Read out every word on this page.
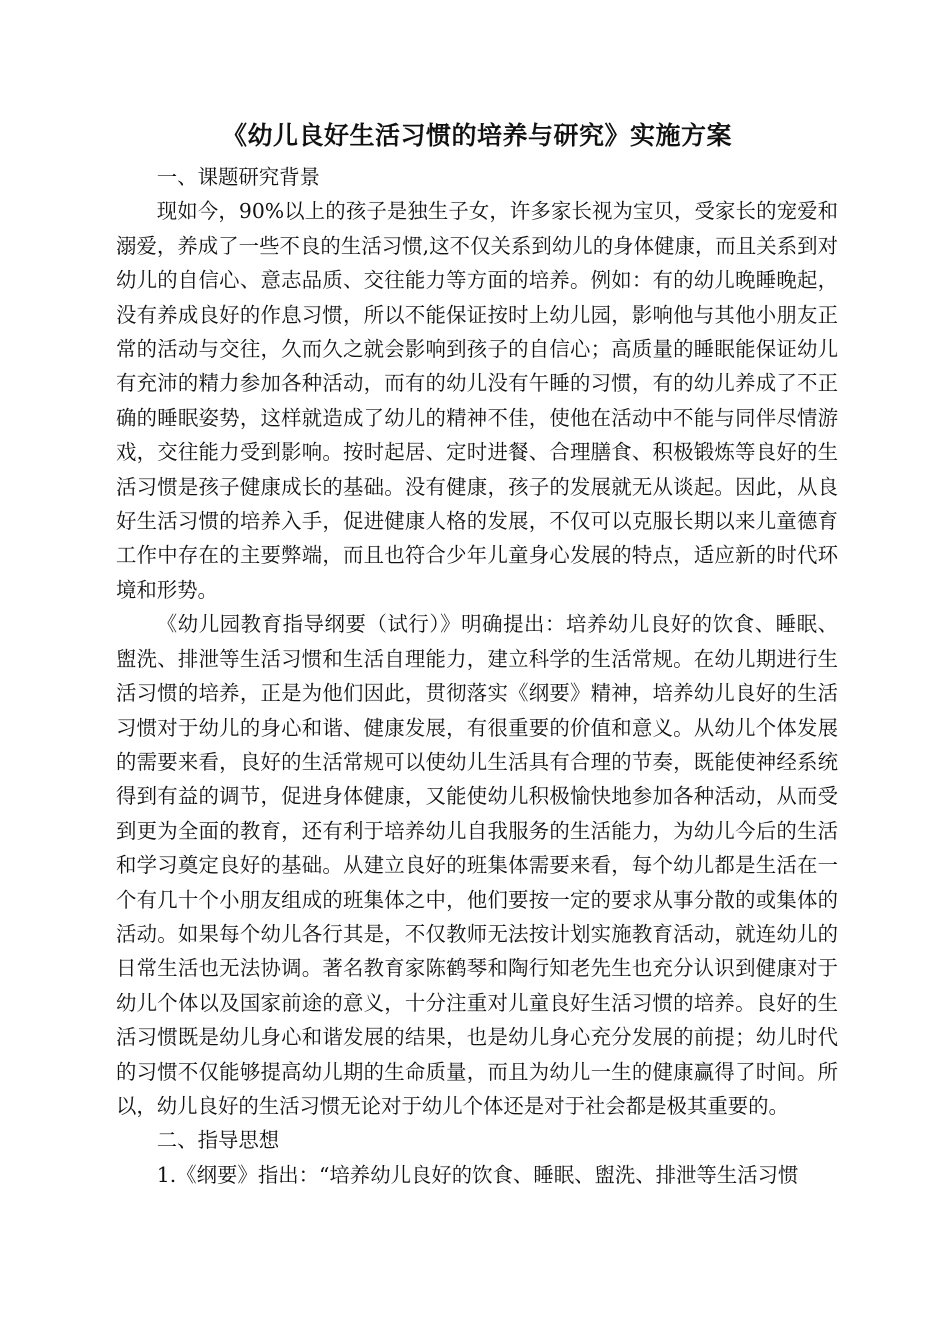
《幼儿良好生活习惯的培养与研究》实施方案

一、课题研究背景

现如今，90%以上的孩子是独生子女，许多家长视为宝贝，受家长的宠爱和溺爱，养成了一些不良的生活习惯,这不仅关系到幼儿的身体健康，而且关系到对幼儿的自信心、意志品质、交往能力等方面的培养。例如：有的幼儿晚睡晚起，没有养成良好的作息习惯，所以不能保证按时上幼儿园，影响他与其他小朋友正常的活动与交往，久而久之就会影响到孩子的自信心；高质量的睡眠能保证幼儿有充沛的精力参加各种活动，而有的幼儿没有午睡的习惯，有的幼儿养成了不正确的睡眠姿势，这样就造成了幼儿的精神不佳，使他在活动中不能与同伴尽情游戏，交往能力受到影响。按时起居、定时进餐、合理膳食、积极锻炼等良好的生活习惯是孩子健康成长的基础。没有健康，孩子的发展就无从谈起。因此，从良好生活习惯的培养入手，促进健康人格的发展，不仅可以克服长期以来儿童德育工作中存在的主要弊端，而且也符合少年儿童身心发展的特点，适应新的时代环境和形势。

《幼儿园教育指导纲要（试行）》明确提出：培养幼儿良好的饮食、睡眠、盥洗、排泄等生活习惯和生活自理能力，建立科学的生活常规。在幼儿期进行生活习惯的培养，正是为他们因此，贯彻落实《纲要》精神，培养幼儿良好的生活习惯对于幼儿的身心和谐、健康发展，有很重要的价值和意义。从幼儿个体发展的需要来看，良好的生活常规可以使幼儿生活具有合理的节奏，既能使神经系统得到有益的调节，促进身体健康，又能使幼儿积极愉快地参加各种活动，从而受到更为全面的教育，还有利于培养幼儿自我服务的生活能力，为幼儿今后的生活和学习奠定良好的基础。从建立良好的班集体需要来看，每个幼儿都是生活在一个有几十个小朋友组成的班集体之中，他们要按一定的要求从事分散的或集体的活动。如果每个幼儿各行其是，不仅教师无法按计划实施教育活动，就连幼儿的日常生活也无法协调。著名教育家陈鹤琴和陶行知老先生也充分认识到健康对于幼儿个体以及国家前途的意义，十分注重对儿童良好生活习惯的培养。良好的生活习惯既是幼儿身心和谐发展的结果，也是幼儿身心充分发展的前提；幼儿时代的习惯不仅能够提高幼儿期的生命质量，而且为幼儿一生的健康赢得了时间。所以，幼儿良好的生活习惯无论对于幼儿个体还是对于社会都是极其重要的。

二、指导思想

1.《纲要》指出：“培养幼儿良好的饮食、睡眠、盥洗、排泄等生活习惯
